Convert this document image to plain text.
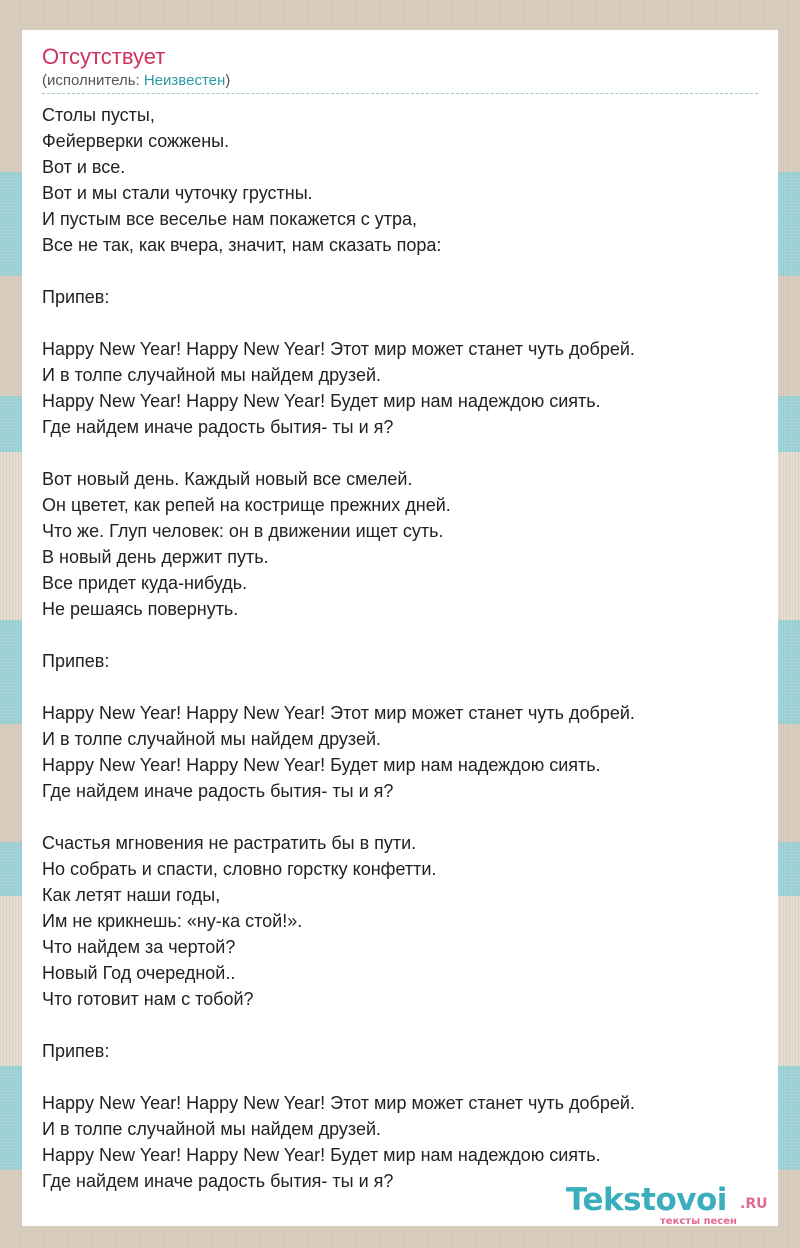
Отсутствует
(исполнитель: Неизвестен)
Столы пусты,
Фейерверки сожжены.
Вот и все.
Вот и мы стали чуточку грустны.
И пустым все веселье нам покажется с утра,
Все не так, как вчера, значит, нам сказать пора:
Припев:
Happy New Year! Happy New Year! Этот мир может станет чуть добрей.
И в толпе случайной мы найдем друзей.
Happy New Year! Happy New Year! Будет мир нам надеждою сиять.
Где найдем иначе радость бытия- ты и я?
Вот новый день. Каждый новый все смелей.
Он цветет, как репей на кострище прежних дней.
Что же. Глуп человек: он в движении ищет суть.
В новый день держит путь.
Все придет куда-нибудь.
Не решаясь повернуть.
Припев:
Happy New Year! Happy New Year! Этот мир может станет чуть добрей.
И в толпе случайной мы найдем друзей.
Happy New Year! Happy New Year! Будет мир нам надеждою сиять.
Где найдем иначе радость бытия- ты и я?
Счастья мгновения не растратить бы в пути.
Но собрать и спасти, словно горстку конфетти.
Как летят наши годы,
Им не крикнешь: «ну-ка стой!».
Что найдем за чертой?
Новый Год очередной..
Что готовит нам с тобой?
Припев:
Happy New Year! Happy New Year! Этот мир может станет чуть добрей.
И в толпе случайной мы найдем друзей.
Happy New Year! Happy New Year! Будет мир нам надеждою сиять.
Где найдем иначе радость бытия- ты и я?
Tekstovoi .RU
тексты песен
